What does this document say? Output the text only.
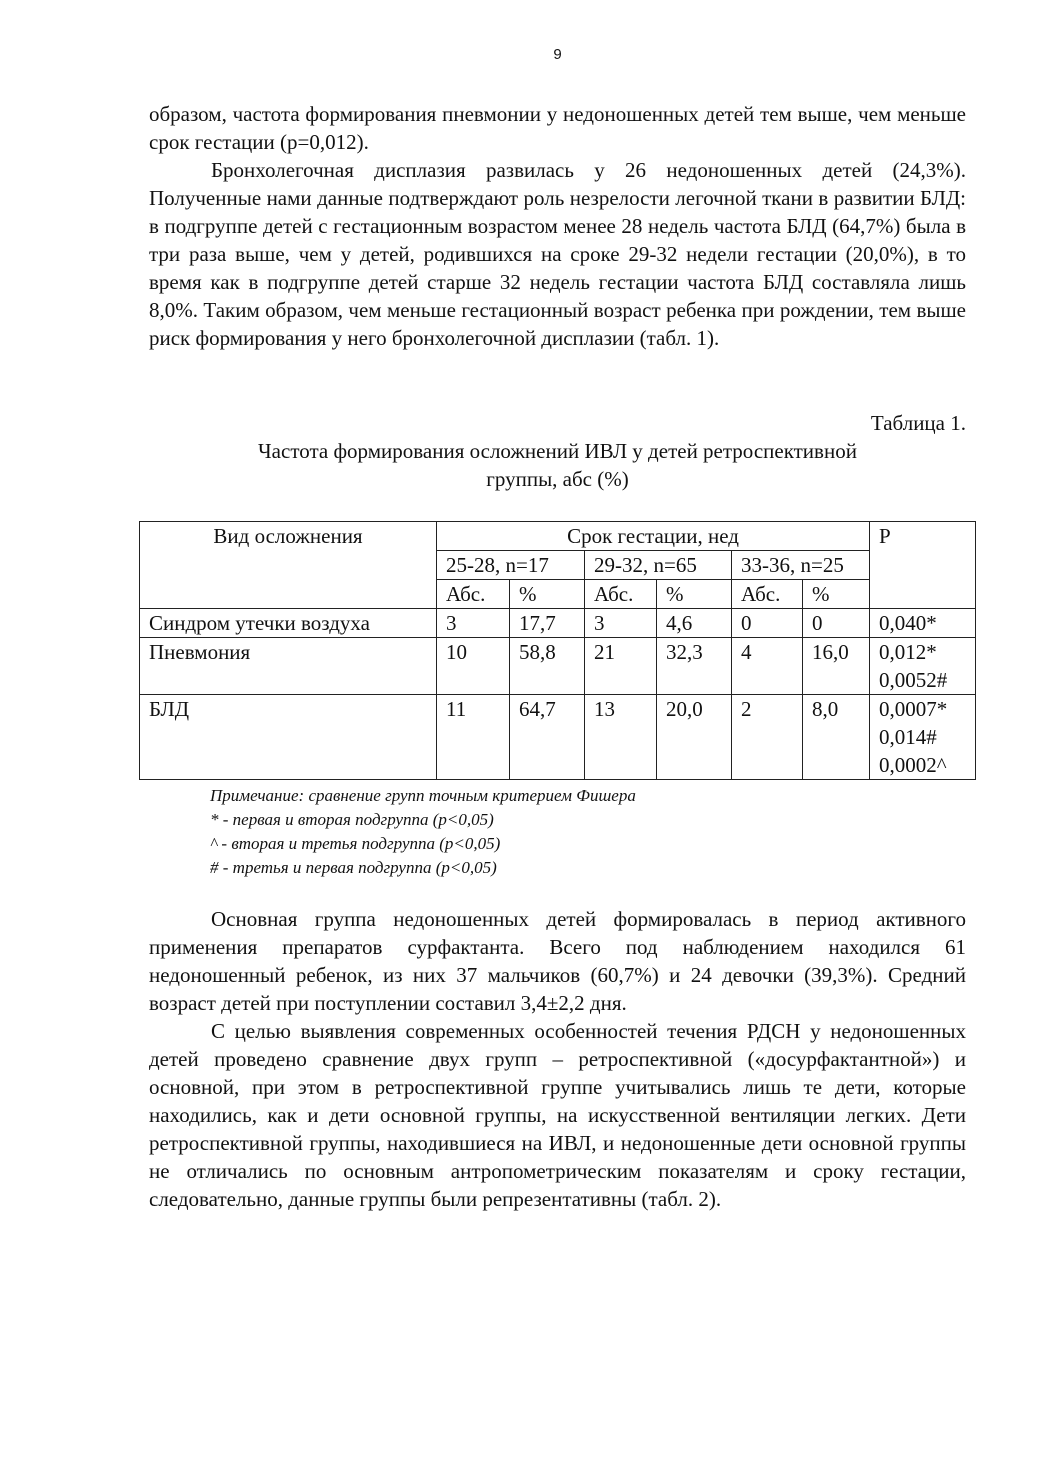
9

образом, частота формирования пневмонии у недоношенных детей тем выше, чем меньше срок гестации (p=0,012).

Бронхолегочная дисплазия развилась у 26 недоношенных детей (24,3%). Полученные нами данные подтверждают роль незрелости легочной ткани в развитии БЛД: в подгруппе детей с гестационным возрастом менее 28 недель частота БЛД (64,7%) была в три раза выше, чем у детей, родившихся на сроке 29-32 недели гестации (20,0%), в то время как в подгруппе детей старше 32 недель гестации частота БЛД составляла лишь 8,0%. Таким образом, чем меньше гестационный возраст ребенка при рождении, тем выше риск формирования у него бронхолегочной дисплазии (табл. 1).

Таблица 1.
Частота формирования осложнений ИВЛ у детей ретроспективной
группы, абс (%)
Вид осложнения	Срок гестации, нед						P
	25-28, n=17		29-32, n=65		33-36, n=25		
	Абс.	%	Абс.	%	Абс.	%	
Синдром утечки воздуха	3	17,7	3	4,6	0	0	0,040*
Пневмония	10	58,8	21	32,3	4	16,0	0,012*
0,0052#
БЛД	11	64,7	13	20,0	2	8,0	0,0007*
0,014#
0,0002^
Примечание: сравнение групп точным критерием Фишера
* - первая и вторая подгруппа (p<0,05)
^ - вторая и третья подгруппа (p<0,05)
# - третья и первая подгруппа (p<0,05)

Основная группа недоношенных детей формировалась в период активного применения препаратов сурфактанта. Всего под наблюдением находился 61 недоношенный ребенок, из них 37 мальчиков (60,7%) и 24 девочки (39,3%). Средний возраст детей при поступлении составил 3,4±2,2 дня.

С целью выявления современных особенностей течения РДСН у недоношенных детей проведено сравнение двух групп – ретроспективной («досурфактантной») и основной, при этом в ретроспективной группе учитывались лишь те дети, которые находились, как и дети основной группы, на искусственной вентиляции легких. Дети ретроспективной группы, находившиеся на ИВЛ, и недоношенные дети основной группы не отличались по основным антропометрическим показателям и сроку гестации, следовательно, данные группы были репрезентативны (табл. 2).
